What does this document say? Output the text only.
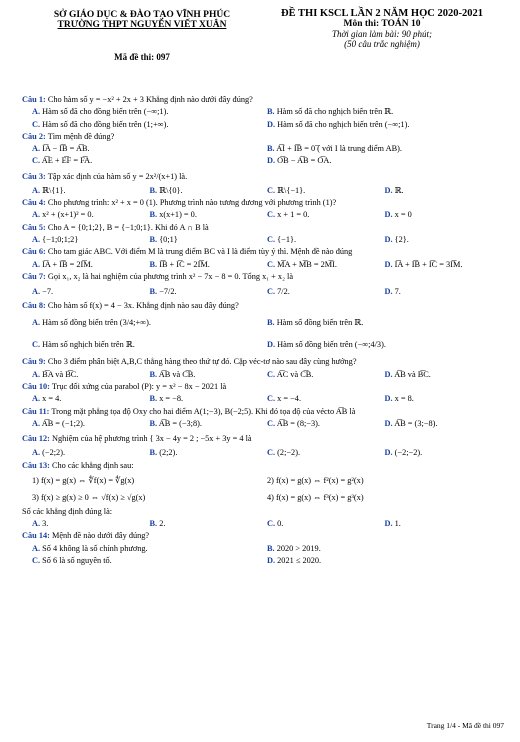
SỞ GIÁO DỤC & ĐÀO TẠO VĨNH PHÚC
TRƯỜNG THPT NGUYỄN VIẾT XUÂN
Mã đề thi: 097
ĐỀ THI KSCL LẦN 2 NĂM HỌC 2020-2021
Môn thi: TOÁN 10
Thời gian làm bài: 90 phút;
(50 câu trắc nghiệm)
Câu 1: Cho hàm số y = −x² + 2x + 3 Khẳng định nào dưới đây đúng?
A. Hàm số đã cho đồng biến trên (−∞;1).	B. Hàm số đã cho nghịch biến trên ℝ.
C. Hàm số đã cho đồng biến trên (1;+∞).	D. Hàm số đã cho nghịch biến trên (−∞;1).
Câu 2: Tìm mệnh đề đúng?
A. I͞A − I͞B = A͞B.	B. A͞I + I͞B = 0͞ ( với I là trung điểm AB).
C. A͞E + E͞F = F͞A.	D. O͞B − A͞B = O͞A.
Câu 3: Tập xác định của hàm số y = 2x²/(x+1) là.
A. ℝ\{1}.	B. ℝ\{0}.	C. ℝ\{−1}.	D. ℝ.
Câu 4: Cho phương trình: x² + x = 0 (1). Phương trình nào tương đương với phương trình (1)?
A. x² + (x+1)² = 0.	B. x(x+1) = 0.	C. x + 1 = 0.	D. x = 0
Câu 5: Cho A = {0;1;2}, B = {−1;0;1}. Khi đó A ∩ B là
A. {−1;0;1;2}	B. {0;1}	C. {−1}.	D. {2}.
Câu 6: Cho tam giác ABC. Với điểm M là trung điểm BC và I là điểm tùy ý thì. Mệnh đề nào đúng
A. I͞A + I͞B = 2I͞M.	B. I͞B + I͞C = 2I͞M.	C. M͞A + M͞B = 2M͞I.	D. I͞A + I͞B + I͞C = 3I͞M.
Câu 7: Gọi x₁, x₂ là hai nghiệm của phương trình x² − 7x − 8 = 0. Tổng x₁ + x₂ là
A. −7.	B. −7/2.	C. 7/2.	D. 7.
Câu 8: Cho hàm số f(x) = 4 − 3x. Khẳng định nào sau đây đúng?
A. Hàm số đồng biến trên (3/4;+∞).	B. Hàm số đồng biến trên ℝ.
C. Hàm số nghịch biến trên ℝ.	D. Hàm số đồng biến trên (−∞;4/3).
Câu 9: Cho 3 điểm phân biệt A,B,C thẳng hàng theo thứ tự đó. Cặp véc-tơ nào sau đây cùng hướng?
A. B͞A và B͞C.	B. A͞B và C͞B.	C. A͞C và C͞B.	D. A͞B và B͞C.
Câu 10: Trục đối xứng của parabol (P): y = x² − 8x − 2021 là
A. x = 4.	B. x = −8.	C. x = −4.	D. x = 8.
Câu 11: Trong mặt phẳng tọa độ Oxy cho hai điểm A(1;−3), B(−2;5). Khi đó tọa độ của vécto A͞B là
A. A͞B = (−1;2).	B. A͞B = (−3;8).	C. A͞B = (8;−3).	D. A͞B = (3;−8).
Câu 12: Nghiệm của hệ phương trình { 3x − 4y = 2 ; −5x + 3y = 4 là
A. (−2;2).	B. (2;2).	C. (2;−2).	D. (−2;−2).
Câu 13: Cho các khẳng định sau:
1) f(x) = g(x) ⇔ ∜f(x) = ∜g(x)	2) f(x) = g(x) ⇔ f²(x) = g²(x)
3) f(x) ≥ g(x) ≥ 0 ⇔ √f(x) ≥ √g(x)	4) f(x) = g(x) ⇔ f³(x) = g³(x)
Số các khẳng định đúng là:
A. 3.	B. 2.	C. 0.	D. 1.
Câu 14: Mệnh đề nào dưới đây đúng?
A. Số 4 không là số chính phương.	B. 2020 > 2019.
C. Số 6 là số nguyên tố.	D. 2021 ≤ 2020.
Trang 1/4 - Mã đề thi 097
